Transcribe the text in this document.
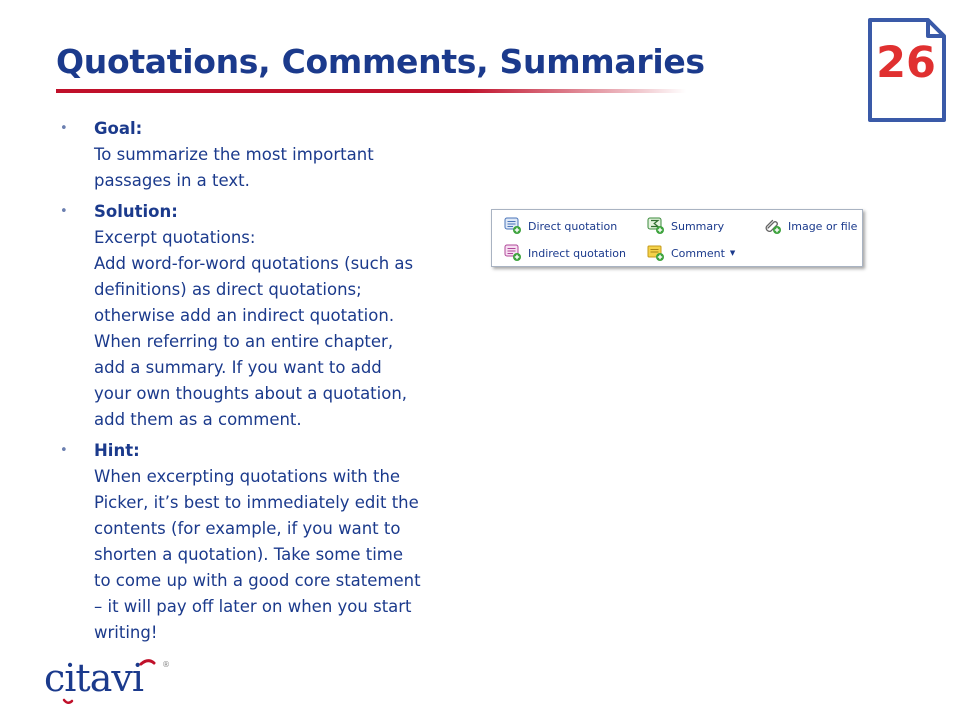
Quotations, Comments, Summaries	26
• Goal:
To summarize the most important
passages in a text.
• Solution:
Excerpt quotations:
Add word-for-word quotations (such as
definitions) as direct quotations;
otherwise add an indirect quotation.
When referring to an entire chapter,
add a summary. If you want to add
your own thoughts about a quotation,
add them as a comment.
• Hint:
When excerpting quotations with the
Picker, it’s best to immediately edit the
contents (for example, if you want to
shorten a quotation). Take some time
to come up with a good core statement
– it will pay off later on when you start
writing!
Direct quotation	Summary	Image or file
Indirect quotation	Comment ▼
citavi ®
